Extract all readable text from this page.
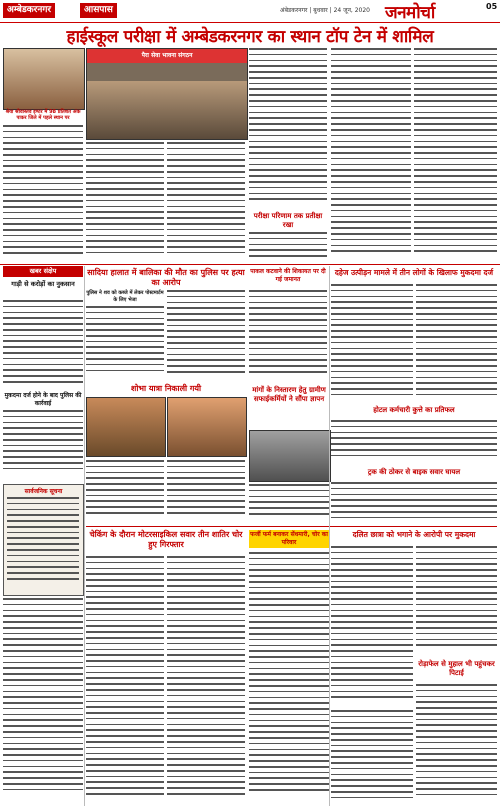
अम्बेडकरनगर	आसपास	अंबेडकरनगर | बुधवार | 24 जून, 2020 जनमोर्चा	05
हाईस्कूल परीक्षा में अम्बेडकरनगर का स्थान टॉप टेन में शामिल
श्रेया श्रीवास्तव इण्टर में 98 प्रतिशत अंक पाकर जिले में पहले स्थान पर
पैरा सेवा भावना संगठन
परीक्षा परिणाम तक प्रतीक्षा रखा
खबर संक्षेप
गाड़ी से करोड़ों का नुकसान
मुकदमा दर्ज होने के बाद पुलिस की कार्रवाई
सार्वजनिक सूचना
सादिया हालात में बालिका की मौत का पुलिस पर हत्या का आरोप
पुलिस ने शव को कब्जे में लेकर पोस्टमार्टम के लिए भेजा
पाकल कटवाने की शिकायत पर दी गई जमानत
दहेज उत्पीड़न मामले में तीन लोगों के खिलाफ मुकदमा दर्ज
होटल कर्मचारी कुत्ते का प्रतिफल
शोभा यात्रा निकाली गयी	मांगों के निस्तारण हेतु ग्रामीण सफाईकर्मियों ने सौंपा ज्ञापन
ट्रक की ठोकर से बाइक सवार घायल
चेकिंग के दौरान मोटरसाइकिल सवार तीन शातिर चोर हुए गिरफ्तार
फर्जी फर्म बनाकर सेंधमारी, चोर का परिवार
दलित छात्रा को भगाने के आरोपी पर मुकदमा
रोड़ाफेल से मुहाल भी पहुंचकर पिटाई
